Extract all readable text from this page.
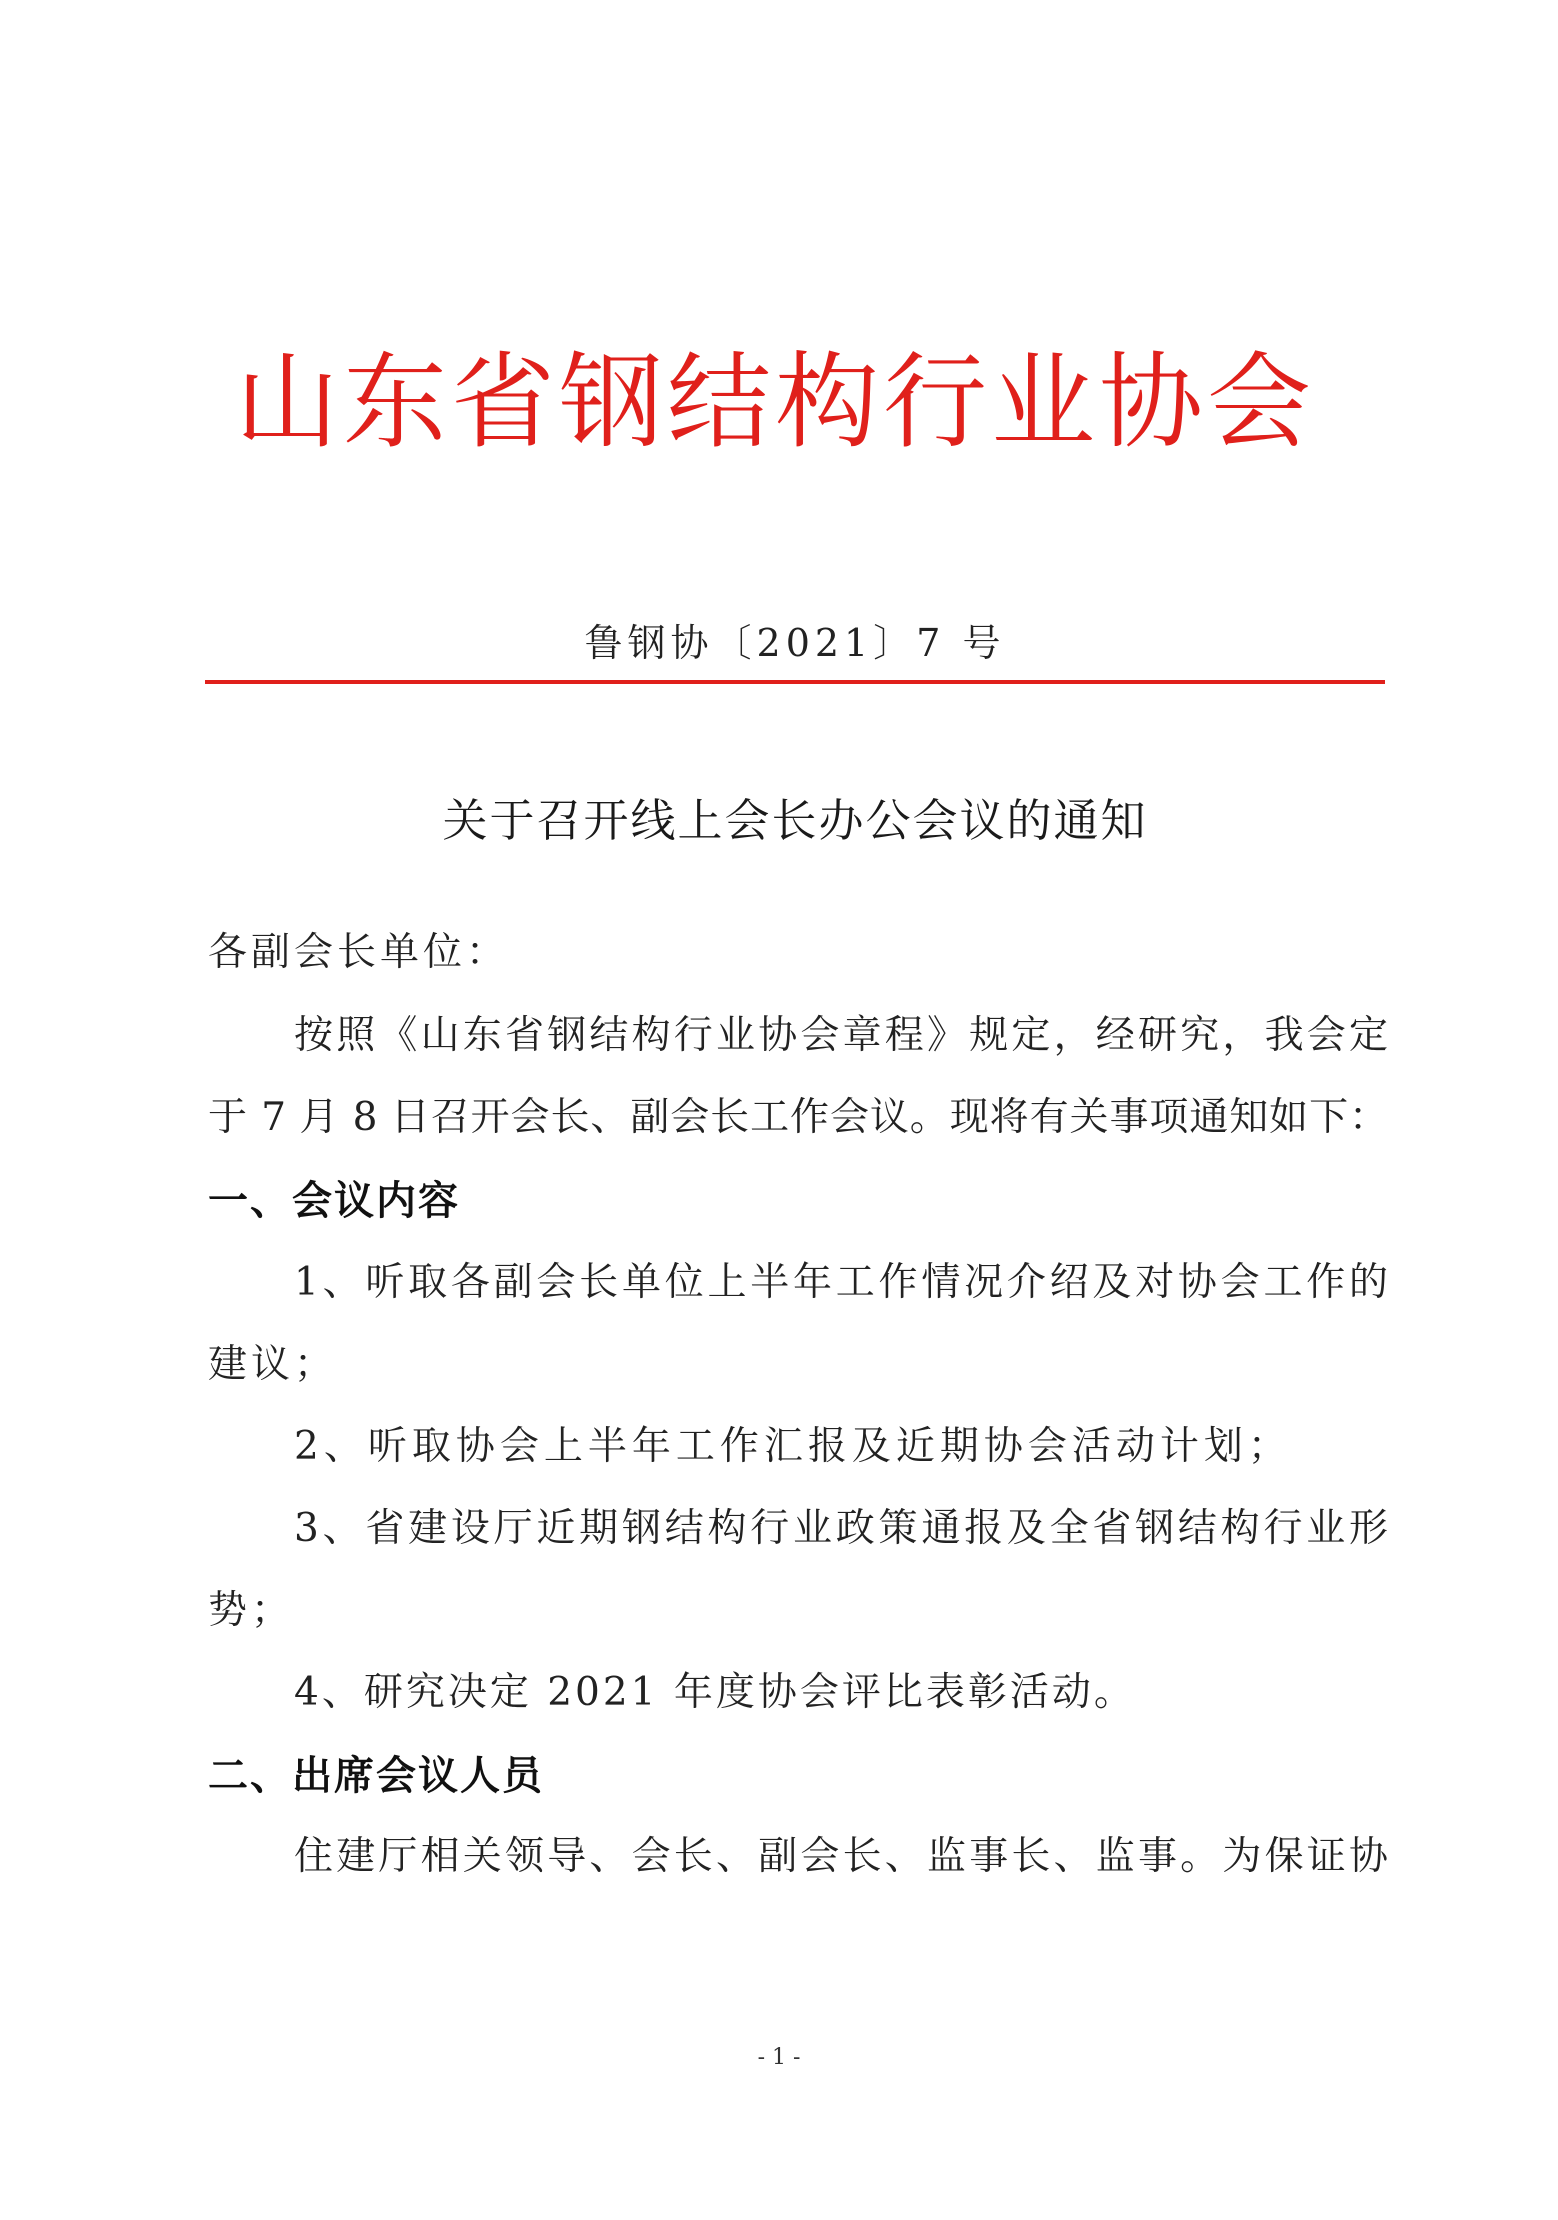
山东省钢结构行业协会
鲁钢协〔2021〕7 号
关于召开线上会长办公会议的通知
各副会长单位：
按照《山东省钢结构行业协会章程》规定，经研究，我会定
于 7 月 8 日召开会长、副会长工作会议。现将有关事项通知如下：
一、会议内容
1、听取各副会长单位上半年工作情况介绍及对协会工作的
建议；
2、听取协会上半年工作汇报及近期协会活动计划；
3、省建设厅近期钢结构行业政策通报及全省钢结构行业形
势；
4、研究决定 2021 年度协会评比表彰活动。
二、出席会议人员
住建厅相关领导、会长、副会长、监事长、监事。为保证协
- 1 -
